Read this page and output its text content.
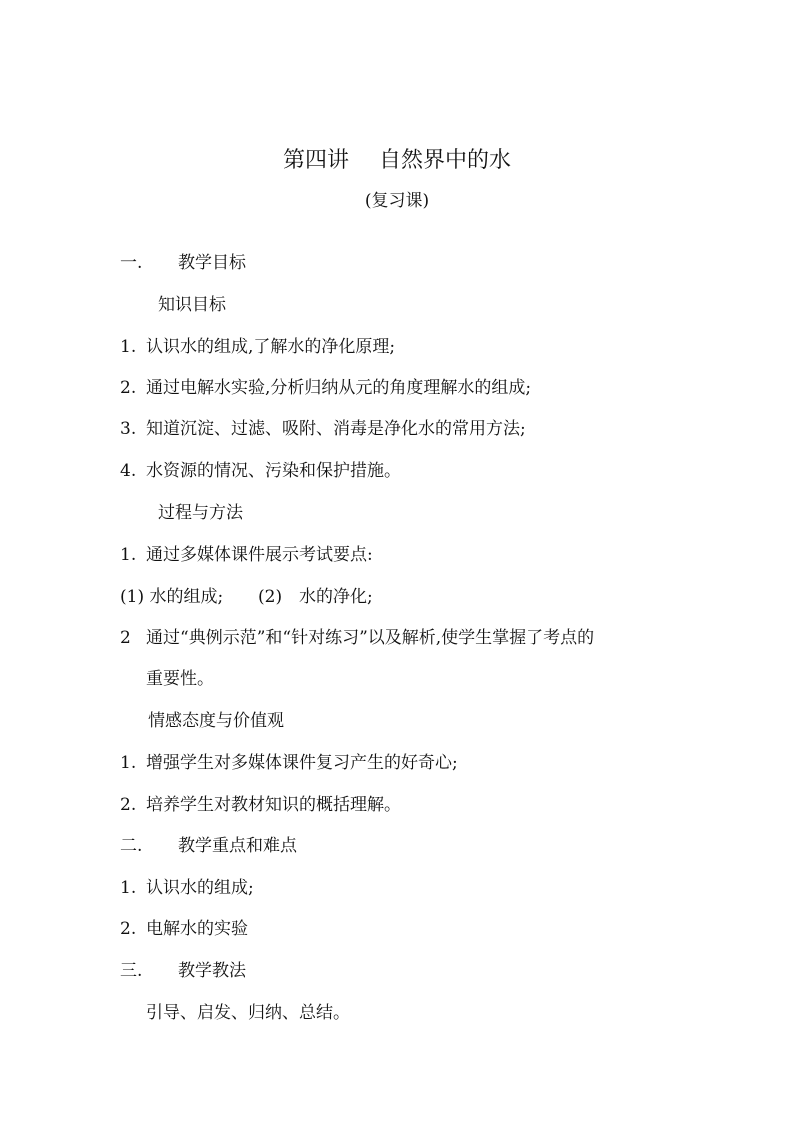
第四讲 自然界中的水
(复习课)
一. 教学目标
知识目标
1. 认识水的组成,了解水的净化原理;
2. 通过电解水实验,分析归纳从元的角度理解水的组成;
3. 知道沉淀、过滤、吸附、消毒是净化水的常用方法;
4. 水资源的情况、污染和保护措施。
过程与方法
1. 通过多媒体课件展示考试要点:
(1) 水的组成; (2) 水的净化;
2 通过“典例示范”和“针对练习”以及解析,使学生掌握了考点的
重要性。
情感态度与价值观
1. 增强学生对多媒体课件复习产生的好奇心;
2. 培养学生对教材知识的概括理解。
二. 教学重点和难点
1. 认识水的组成;
2. 电解水的实验
三. 教学教法
引导、启发、归纳、总结。
